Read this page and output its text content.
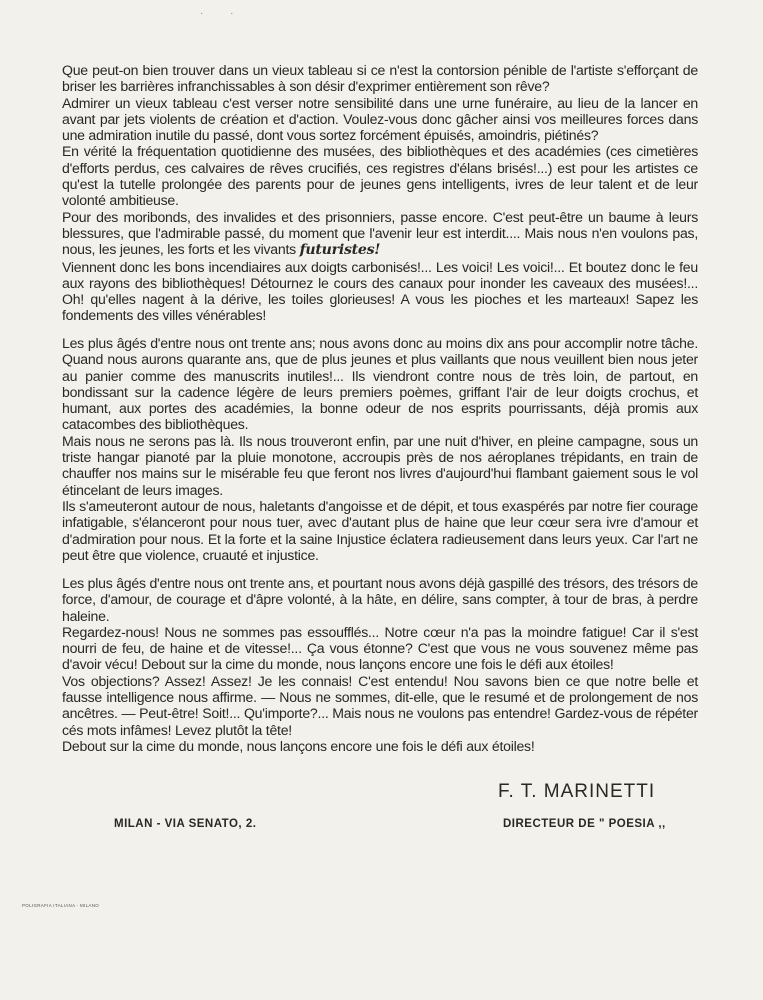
· ·

Que peut-on bien trouver dans un vieux tableau si ce n'est la contorsion pénible de l'artiste s'efforçant de briser les barrières infranchissables à son désir d'exprimer entièrement son rêve?

Admirer un vieux tableau c'est verser notre sensibilité dans une urne funéraire, au lieu de la lancer en avant par jets violents de création et d'action. Voulez-vous donc gâcher ainsi vos meilleures forces dans une admiration inutile du passé, dont vous sortez forcément épuisés, amoindris, piétinés?

En vérité la fréquentation quotidienne des musées, des bibliothèques et des académies (ces cimetières d'efforts perdus, ces calvaires de rêves crucifiés, ces registres d'élans brisés!...) est pour les artistes ce qu'est la tutelle prolongée des parents pour de jeunes gens intelligents, ivres de leur talent et de leur volonté ambitieuse.

Pour des moribonds, des invalides et des prisonniers, passe encore. C'est peut-être un baume à leurs blessures, que l'admirable passé, du moment que l'avenir leur est interdit.... Mais nous n'en voulons pas, nous, les jeunes, les forts et les vivants futuristes!

Viennent donc les bons incendiaires aux doigts carbonisés!... Les voici! Les voici!... Et boutez donc le feu aux rayons des bibliothèques! Détournez le cours des canaux pour inonder les caveaux des musées!... Oh! qu'elles nagent à la dérive, les toiles glorieuses! A vous les pioches et les marteaux! Sapez les fondements des villes vénérables!

Les plus âgés d'entre nous ont trente ans; nous avons donc au moins dix ans pour accomplir notre tâche. Quand nous aurons quarante ans, que de plus jeunes et plus vaillants que nous veuillent bien nous jeter au panier comme des manuscrits inutiles!... Ils viendront contre nous de très loin, de partout, en bondissant sur la cadence légère de leurs premiers poèmes, griffant l'air de leur doigts crochus, et humant, aux portes des académies, la bonne odeur de nos esprits pourrissants, déjà promis aux catacombes des bibliothèques.

Mais nous ne serons pas là. Ils nous trouveront enfin, par une nuit d'hiver, en pleine campagne, sous un triste hangar pianoté par la pluie monotone, accroupis près de nos aéroplanes trépidants, en train de chauffer nos mains sur le misérable feu que feront nos livres d'aujourd'hui flambant gaiement sous le vol étincelant de leurs images.

Ils s'ameuteront autour de nous, haletants d'angoisse et de dépit, et tous exaspérés par notre fier courage infatigable, s'élanceront pour nous tuer, avec d'autant plus de haine que leur cœur sera ivre d'amour et d'admiration pour nous. Et la forte et la saine Injustice éclatera radieusement dans leurs yeux. Car l'art ne peut être que violence, cruauté et injustice.

Les plus âgés d'entre nous ont trente ans, et pourtant nous avons déjà gaspillé des trésors, des trésors de force, d'amour, de courage et d'âpre volonté, à la hâte, en délire, sans compter, à tour de bras, à perdre haleine.

Regardez-nous! Nous ne sommes pas essoufflés... Notre cœur n'a pas la moindre fatigue! Car il s'est nourri de feu, de haine et de vitesse!... Ça vous étonne? C'est que vous ne vous souvenez même pas d'avoir vécu! Debout sur la cime du monde, nous lançons encore une fois le défi aux étoiles!

Vos objections? Assez! Assez! Je les connais! C'est entendu! Nou savons bien ce que notre belle et fausse intelligence nous affirme. — Nous ne sommes, dit-elle, que le resumé et de prolongement de nos ancêtres. — Peut-être! Soit!... Qu'importe?... Mais nous ne voulons pas entendre! Gardez-vous de répéter cés mots infâmes! Levez plutôt la tête!

Debout sur la cime du monde, nous lançons encore une fois le défi aux étoiles!

F. T. MARINETTI
MILAN - VIA SENATO, 2.	DIRECTEUR DE " POESIA ,,
POLIGRAFIA ITALIANA - MILANO
